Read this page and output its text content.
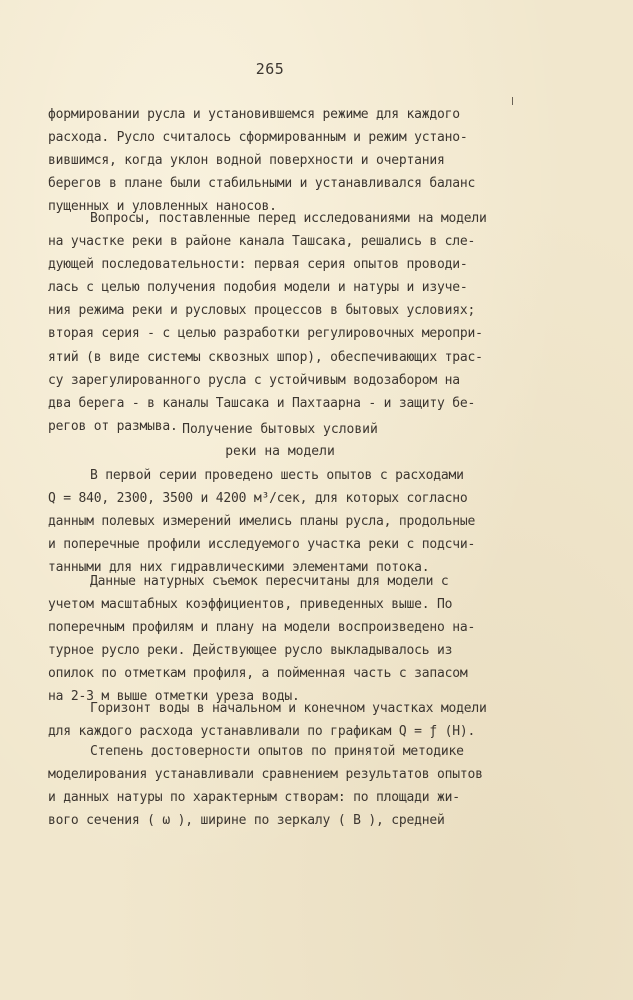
265
формировании русла и установившемся режиме для каждого
расхода. Русло считалось сформированным и режим устано-
вившимся, когда уклон водной поверхности и очертания
берегов в плане были стабильными и устанавливался баланс
пущенных и уловленных наносов.
Вопросы, поставленные перед исследованиями на модели
на участке реки в районе канала Ташсака, решались в сле-
дующей последовательности: первая серия опытов проводи-
лась с целью получения подобия модели и натуры и изуче-
ния режима реки и русловых процессов в бытовых условиях;
вторая серия - с целью разработки регулировочных меропри-
ятий (в виде системы сквозных шпор), обеспечивающих трас-
су зарегулированного русла с устойчивым водозабором на
два берега - в каналы Ташсака и Пахтаарна - и защиту бе-
регов от размыва. Получение бытовых условий
реки на модели
В первой серии проведено шесть опытов с расходами
Q = 840, 2300, 3500 и 4200 м³/сек, для которых согласно
данным полевых измерений имелись планы русла, продольные
и поперечные профили исследуемого участка реки с подсчи-
танными для них гидравлическими элементами потока.
Данные натурных съемок пересчитаны для модели с
учетом масштабных коэффициентов, приведенных выше. По
поперечным профилям и плану на модели воспроизведено на-
турное русло реки. Действующее русло выкладывалось из
опилок по отметкам профиля, а пойменная часть с запасом
на 2-3 м выше отметки уреза воды.
Горизонт воды в начальном и конечном участках модели
для каждого расхода устанавливали по графикам Q = ƒ (H).
Степень достоверности опытов по принятой методике
моделирования устанавливали сравнением результатов опытов
и данных натуры по характерным створам: по площади жи-
вого сечения ( ω ), ширине по зеркалу ( B ), средней
